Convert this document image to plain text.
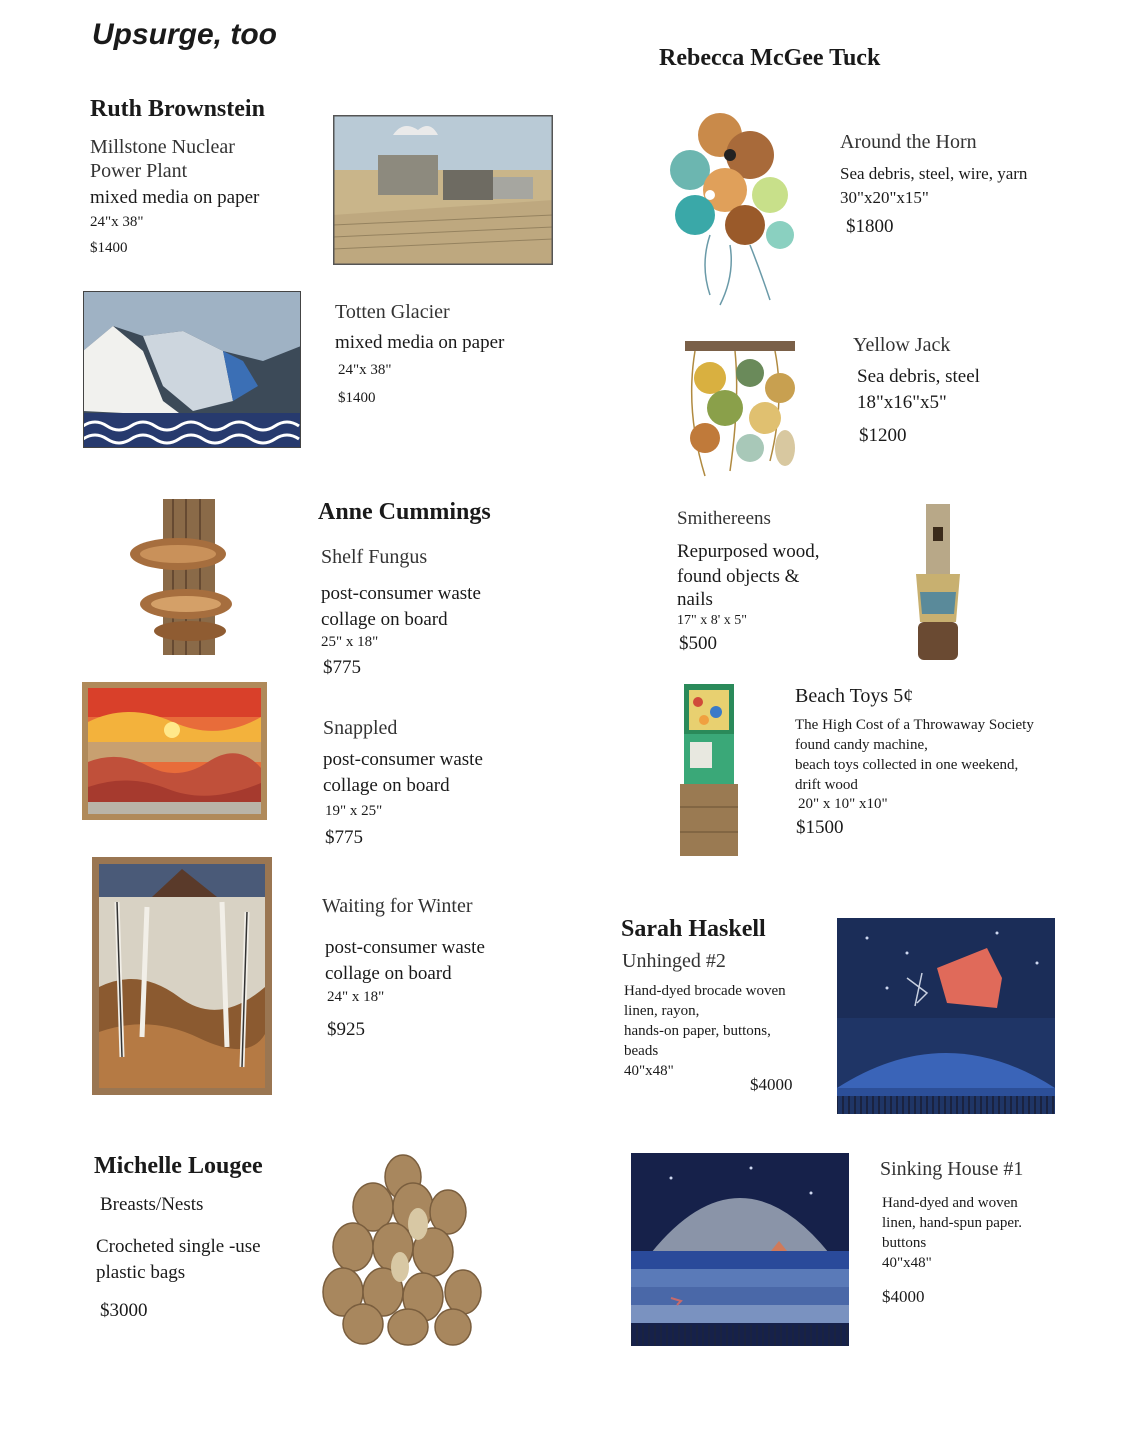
Upsurge, too
Ruth Brownstein
Millstone Nuclear
Power Plant
mixed media on paper
24"x 38"
$1400
Totten Glacier
mixed media on paper
24"x 38"
$1400
Anne Cummings
Shelf Fungus
post-consumer waste
collage on board
25" x 18"
$775
Snappled
post-consumer waste
collage on board
19" x 25"
$775
Waiting for Winter
post-consumer waste
collage on board
24" x 18"
$925
Michelle Lougee
Breasts/Nests
Crocheted single -use
plastic bags
$3000
Rebecca McGee Tuck
Around the Horn
Sea debris, steel, wire, yarn
30"x20"x15"
$1800
Yellow Jack
Sea debris, steel
18"x16"x5"
$1200
Smithereens
Repurposed wood,
found objects &
nails
17" x 8' x 5"
$500
Beach Toys 5¢
The High Cost of a Throwaway Society
found candy machine,
beach toys collected in one weekend,
drift wood
20" x 10" x10"
$1500
Sarah Haskell
Unhinged #2
Hand-dyed brocade woven
linen, rayon,
hands-on paper, buttons,
beads
40"x48"
$4000
Sinking House #1
Hand-dyed and woven
linen, hand-spun paper.
buttons
40"x48"
$4000
